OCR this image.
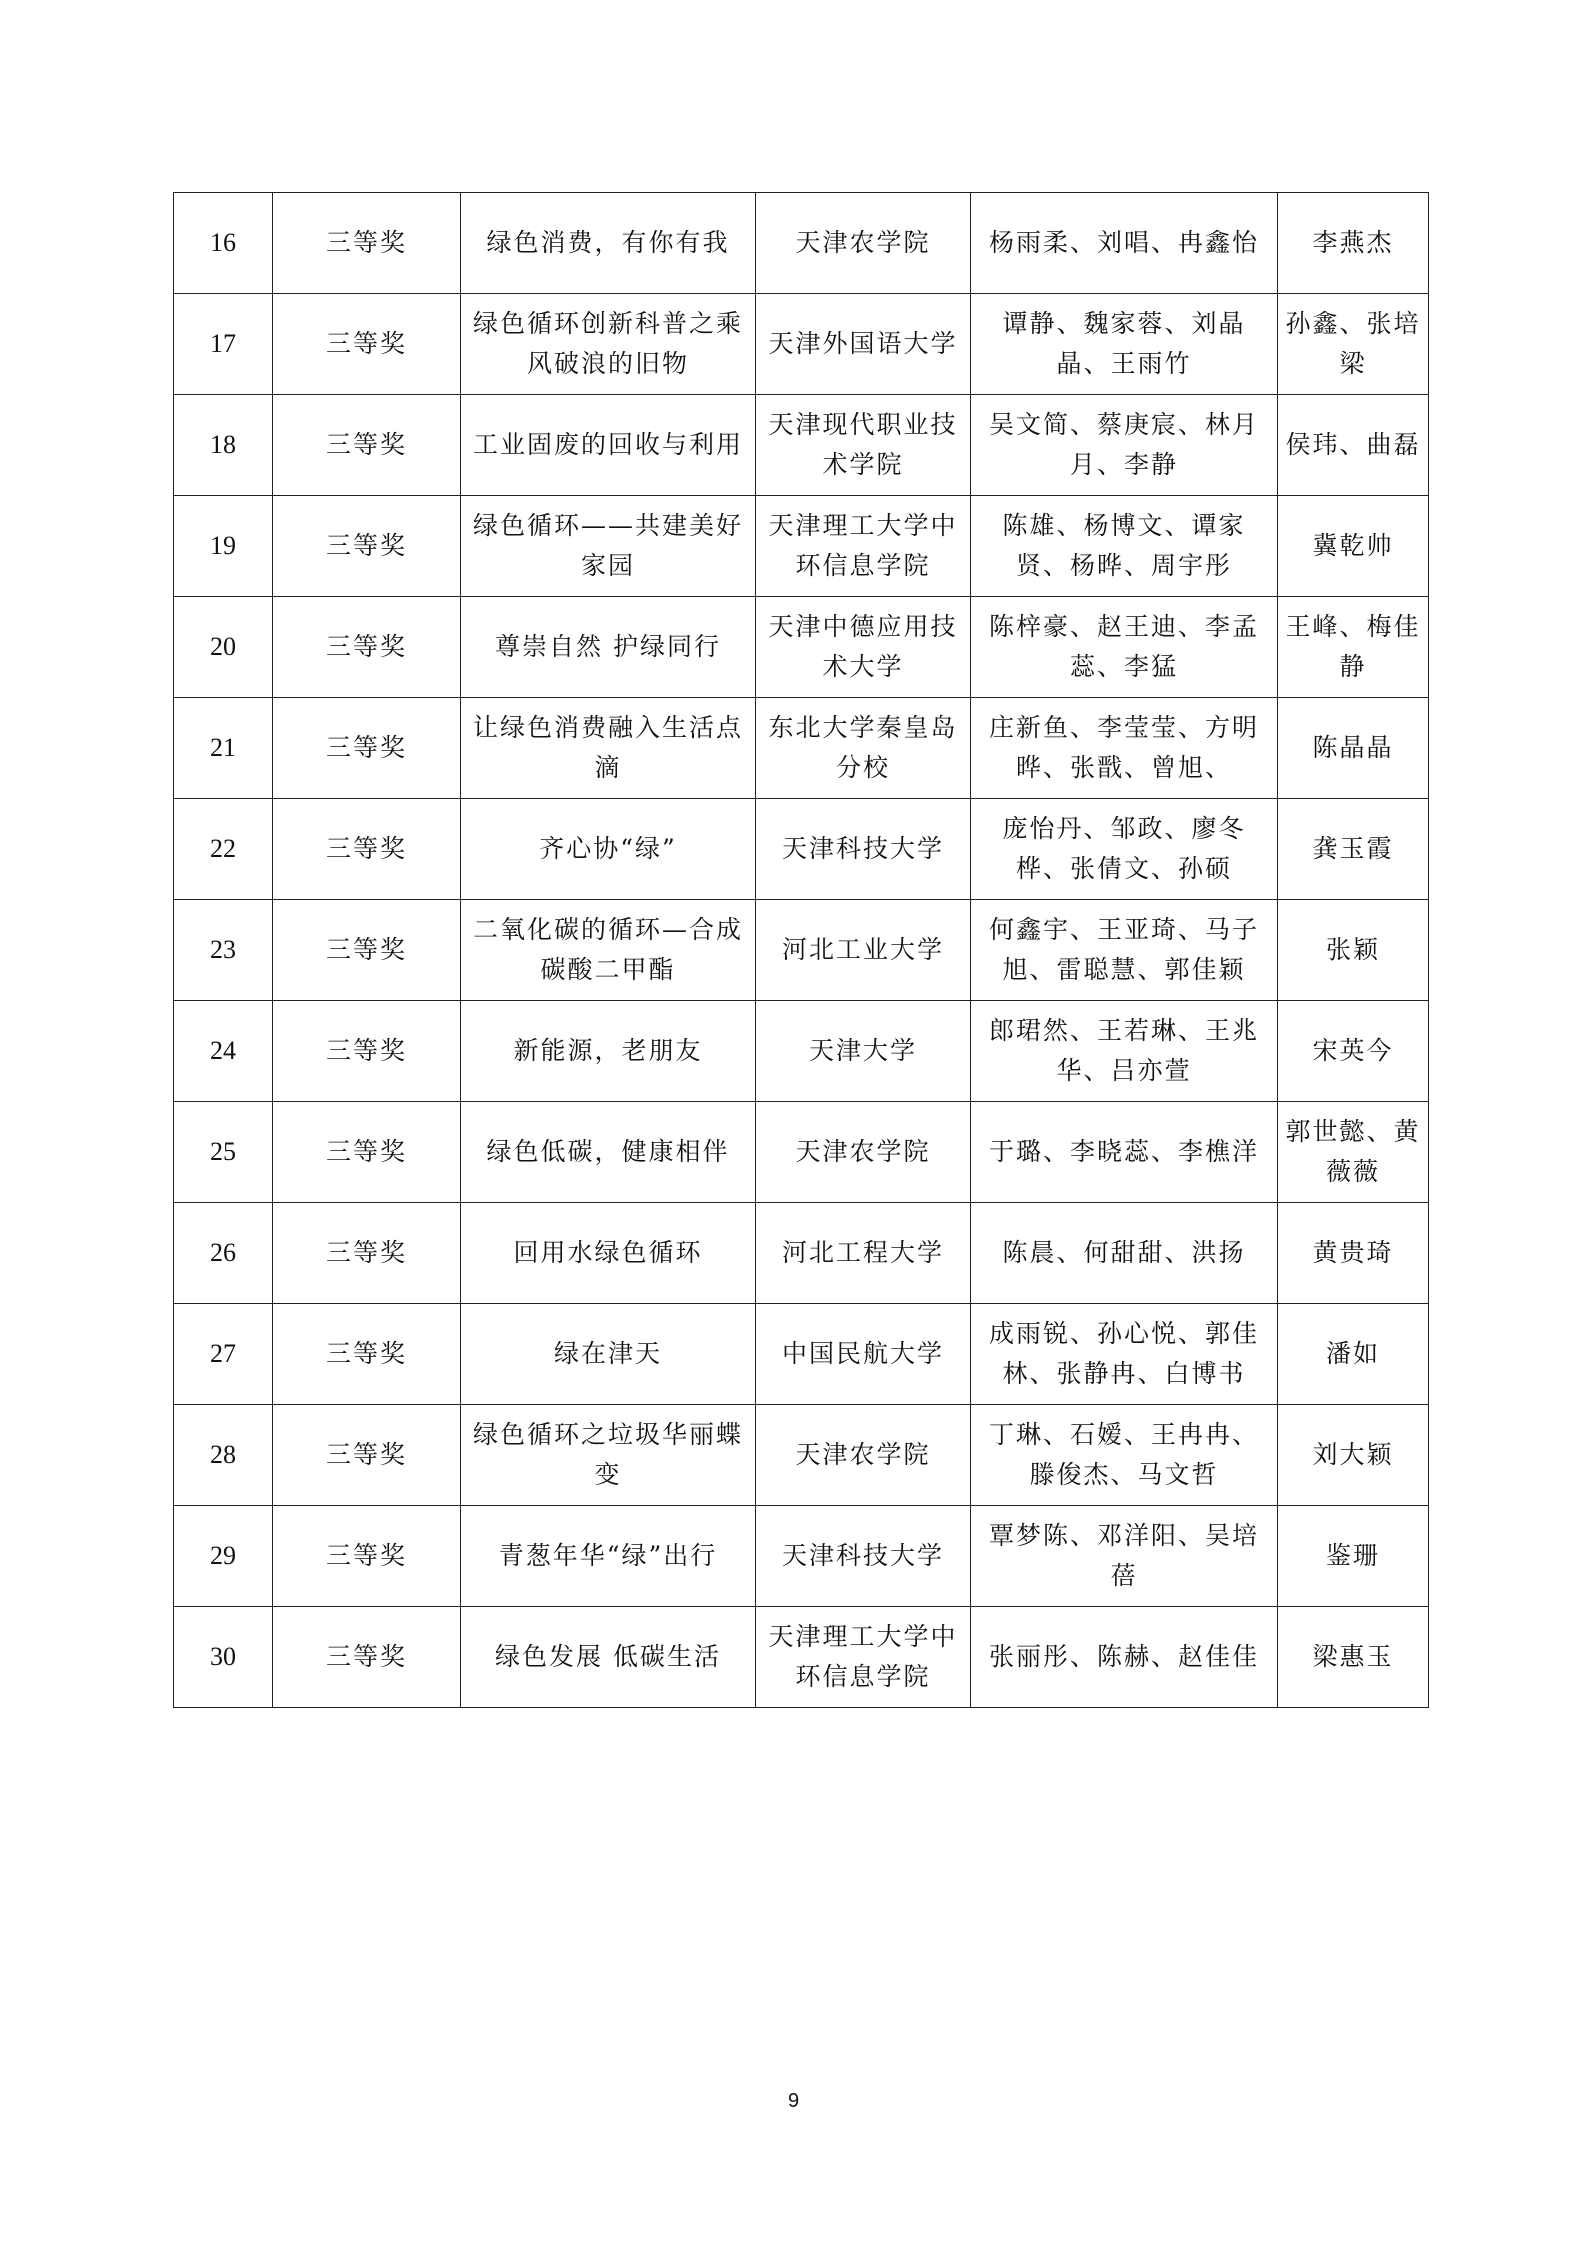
16	三等奖	绿色消费，有你有我	天津农学院	杨雨柔、刘唱、冉鑫怡	李燕杰
17	三等奖	绿色循环创新科普之乘风破浪的旧物	天津外国语大学	谭静、魏家蓉、刘晶晶、王雨竹	孙鑫、张培梁
18	三等奖	工业固废的回收与利用	天津现代职业技术学院	吴文简、蔡庚宸、林月月、李静	侯玮、曲磊
19	三等奖	绿色循环——共建美好家园	天津理工大学中环信息学院	陈雄、杨博文、谭家贤、杨晔、周宇彤	冀乾帅
20	三等奖	尊崇自然 护绿同行	天津中德应用技术大学	陈梓豪、赵王迪、李孟蕊、李猛	王峰、梅佳静
21	三等奖	让绿色消费融入生活点滴	东北大学秦皇岛分校	庄新鱼、李莹莹、方明晔、张戬、曾旭、	陈晶晶
22	三等奖	齐心协“绿”	天津科技大学	庞怡丹、邹政、廖冬桦、张倩文、孙硕	龚玉霞
23	三等奖	二氧化碳的循环—合成碳酸二甲酯	河北工业大学	何鑫宇、王亚琦、马子旭、雷聪慧、郭佳颖	张颖
24	三等奖	新能源，老朋友	天津大学	郎珺然、王若琳、王兆华、吕亦萱	宋英今
25	三等奖	绿色低碳，健康相伴	天津农学院	于璐、李晓蕊、李樵洋	郭世懿、黄薇薇
26	三等奖	回用水绿色循环	河北工程大学	陈晨、何甜甜、洪扬	黄贵琦
27	三等奖	绿在津天	中国民航大学	成雨锐、孙心悦、郭佳林、张静冉、白博书	潘如
28	三等奖	绿色循环之垃圾华丽蝶变	天津农学院	丁琳、石嫒、王冉冉、滕俊杰、马文哲	刘大颖
29	三等奖	青葱年华“绿”出行	天津科技大学	覃梦陈、邓洋阳、吴培蓓	鉴珊
30	三等奖	绿色发展 低碳生活	天津理工大学中环信息学院	张丽彤、陈赫、赵佳佳	梁惠玉
9
